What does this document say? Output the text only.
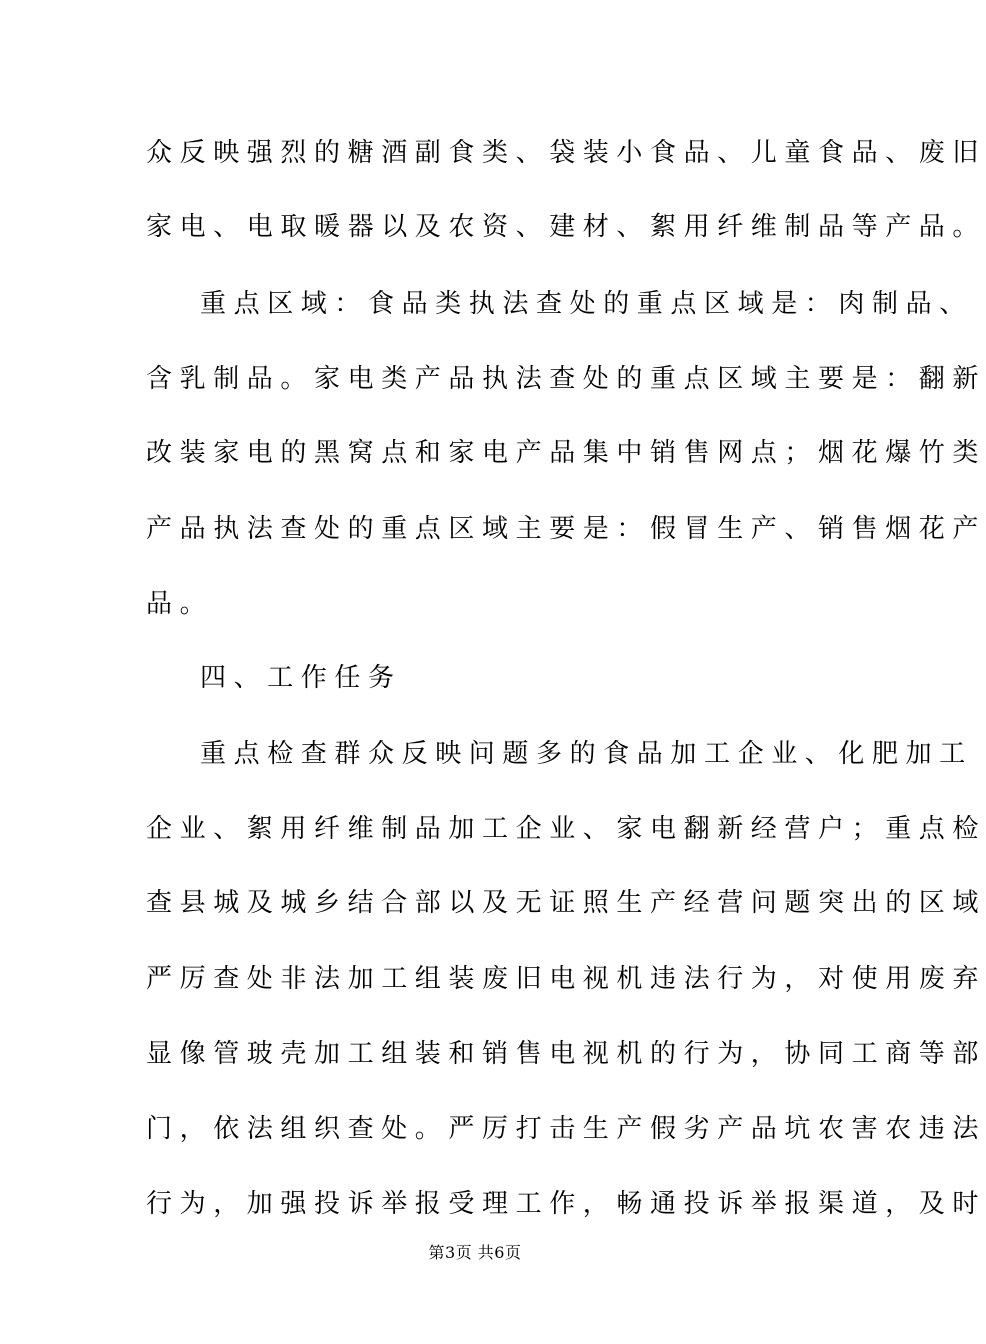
众反映强烈的糖酒副食类、袋装小食品、儿童食品、废旧
家电、电取暖器以及农资、建材、絮用纤维制品等产品。
重点区域：食品类执法查处的重点区域是：肉制品、
含乳制品。家电类产品执法查处的重点区域主要是：翻新
改装家电的黑窝点和家电产品集中销售网点；烟花爆竹类
产品执法查处的重点区域主要是：假冒生产、销售烟花产
品。
四、工作任务
重点检查群众反映问题多的食品加工企业、化肥加工
企业、絮用纤维制品加工企业、家电翻新经营户；重点检
查县城及城乡结合部以及无证照生产经营问题突出的区域
严厉查处非法加工组装废旧电视机违法行为，对使用废弃
显像管玻壳加工组装和销售电视机的行为，协同工商等部
门，依法组织查处。严厉打击生产假劣产品坑农害农违法
行为，加强投诉举报受理工作，畅通投诉举报渠道，及时
第3页 共6页
